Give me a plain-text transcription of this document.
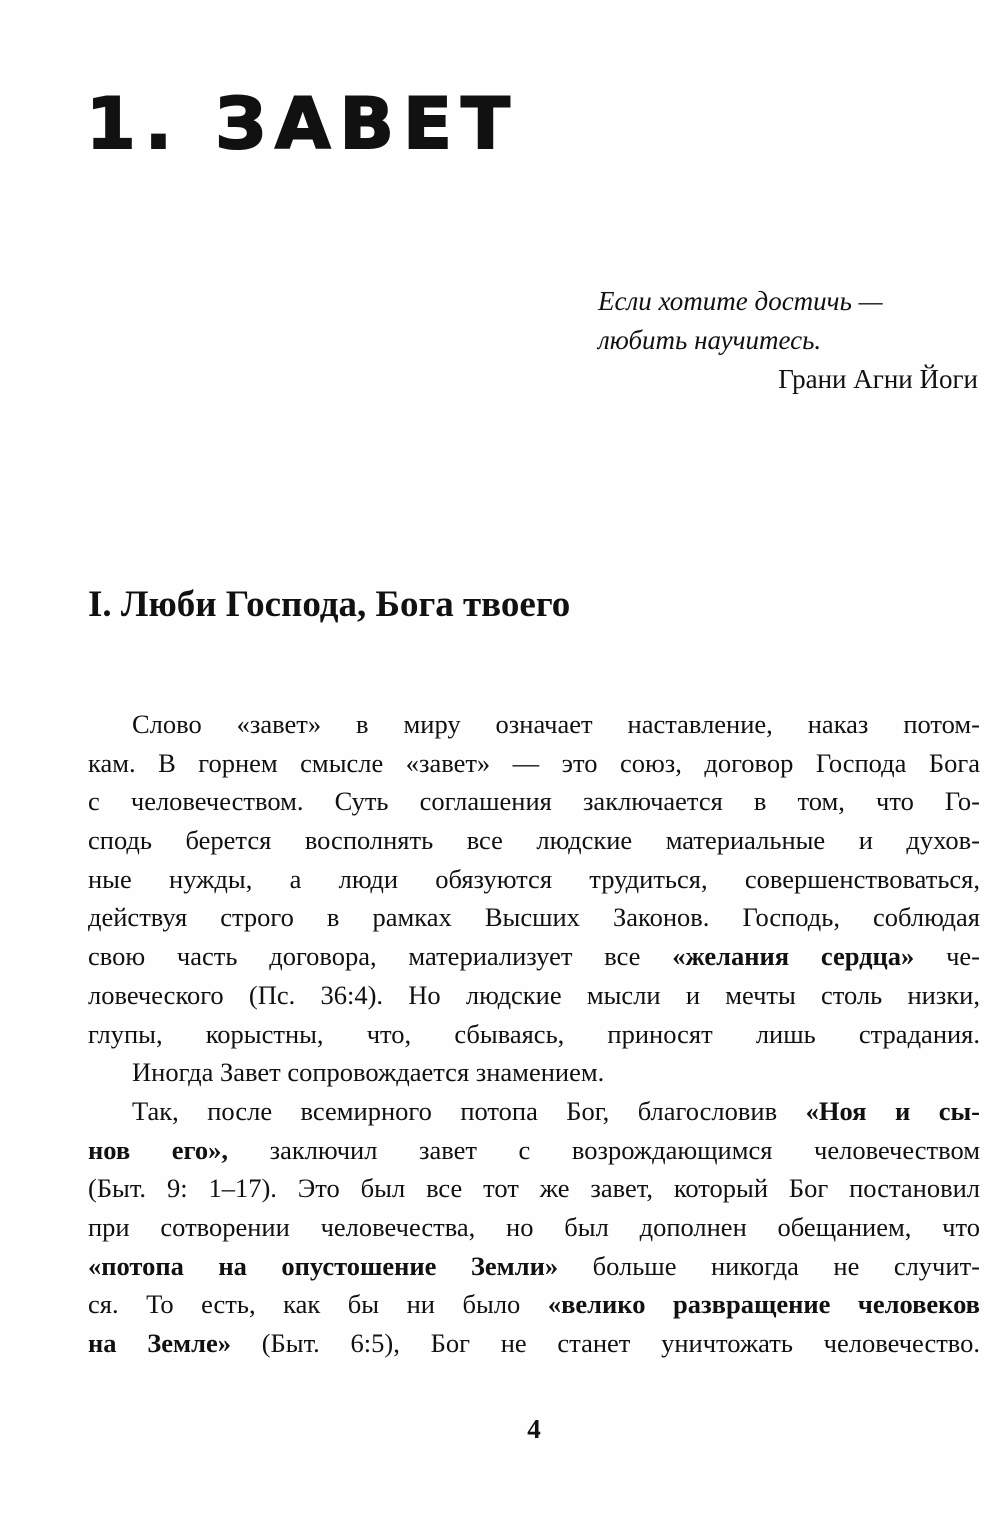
1. ЗАВЕТ
Если хотите достичь —
любить научитесь.
Грани Агни Йоги
I. Люби Господа, Бога твоего
Слово «завет» в миру означает наставление, наказ потом-
кам. В горнем смысле «завет» — это союз, договор Господа Бога
с человечеством. Суть соглашения заключается в том, что Го-
сподь берется восполнять все людские материальные и духов-
ные нужды, а люди обязуются трудиться, совершенствоваться,
действуя строго в рамках Высших Законов. Господь, соблюдая
свою часть договора, материализует все «желания сердца» че-
ловеческого (Пс. 36:4). Но людские мысли и мечты столь низки,
глупы, корыстны, что, сбываясь, приносят лишь страдания.
Иногда Завет сопровождается знамением.
Так, после всемирного потопа Бог, благословив «Ноя и сы-
нов его», заключил завет с возрождающимся человечеством
(Быт. 9: 1–17). Это был все тот же завет, который Бог постановил
при сотворении человечества, но был дополнен обещанием, что
«потопа на опустошение Земли» больше никогда не случит-
ся. То есть, как бы ни было «велико развращение человеков
на Земле» (Быт. 6:5), Бог не станет уничтожать человечество.
4
